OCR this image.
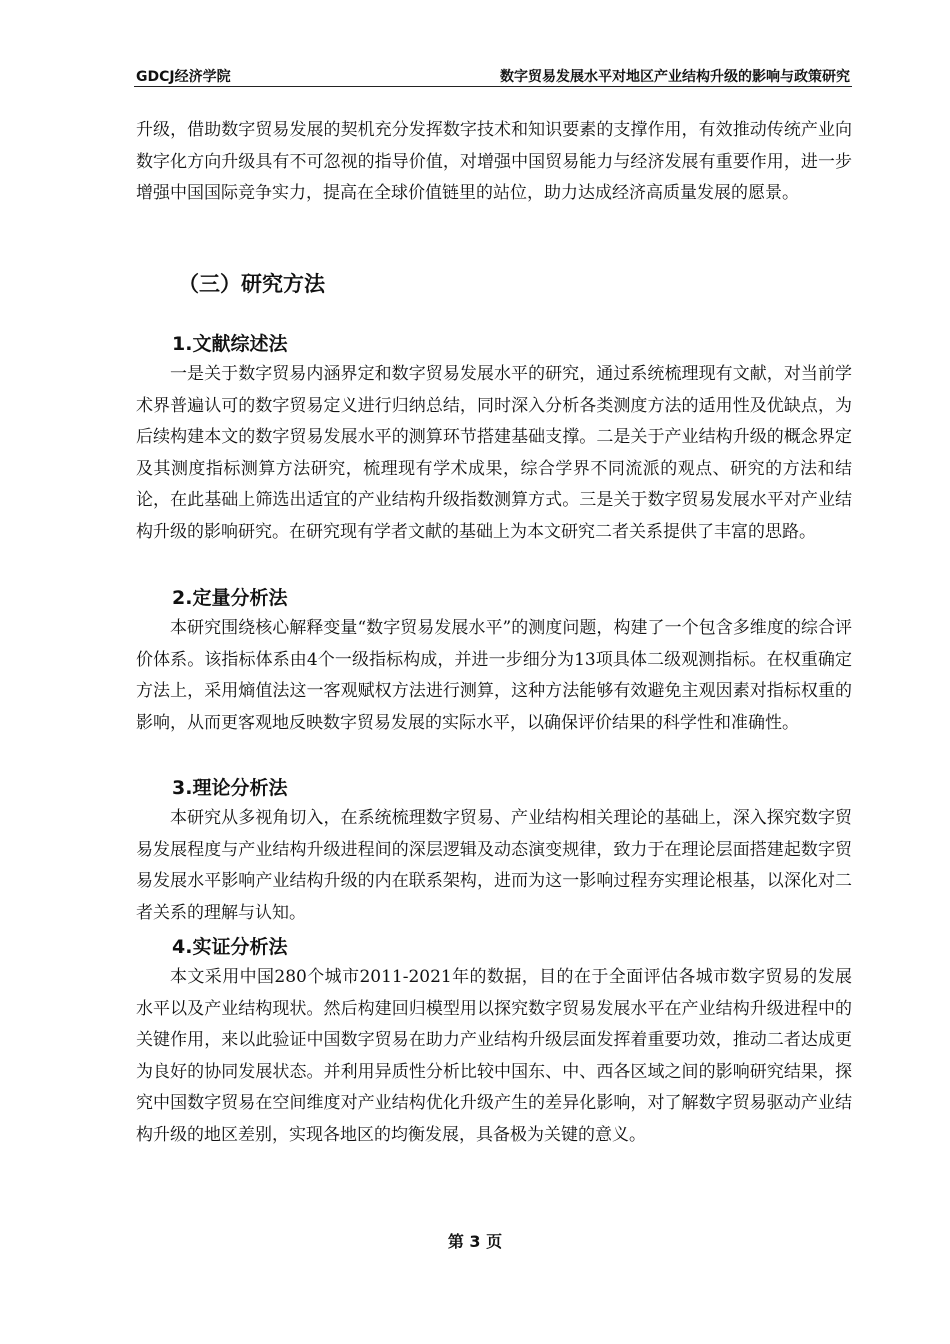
GDCJ经济学院	数字贸易发展水平对地区产业结构升级的影响与政策研究

升级，借助数字贸易发展的契机充分发挥数字技术和知识要素的支撑作用，有效推动传统产业向数字化方向升级具有不可忽视的指导价值，对增强中国贸易能力与经济发展有重要作用，进一步增强中国国际竞争实力，提高在全球价值链里的站位，助力达成经济高质量发展的愿景。

（三）研究方法
1.文献综述法

一是关于数字贸易内涵界定和数字贸易发展水平的研究，通过系统梳理现有文献，对当前学术界普遍认可的数字贸易定义进行归纳总结，同时深入分析各类测度方法的适用性及优缺点，为后续构建本文的数字贸易发展水平的测算环节搭建基础支撑。二是关于产业结构升级的概念界定及其测度指标测算方法研究，梳理现有学术成果，综合学界不同流派的观点、研究的方法和结论，在此基础上筛选出适宜的产业结构升级指数测算方式。三是关于数字贸易发展水平对产业结构升级的影响研究。在研究现有学者文献的基础上为本文研究二者关系提供了丰富的思路。

2.定量分析法

本研究围绕核心解释变量“数字贸易发展水平”的测度问题，构建了一个包含多维度的综合评价体系。该指标体系由4个一级指标构成，并进一步细分为13项具体二级观测指标。在权重确定方法上，采用熵值法这一客观赋权方法进行测算，这种方法能够有效避免主观因素对指标权重的影响，从而更客观地反映数字贸易发展的实际水平，以确保评价结果的科学性和准确性。

3.理论分析法

本研究从多视角切入，在系统梳理数字贸易、产业结构相关理论的基础上，深入探究数字贸易发展程度与产业结构升级进程间的深层逻辑及动态演变规律，致力于在理论层面搭建起数字贸易发展水平影响产业结构升级的内在联系架构，进而为这一影响过程夯实理论根基，以深化对二者关系的理解与认知。

4.实证分析法

本文采用中国280个城市2011-2021年的数据，目的在于全面评估各城市数字贸易的发展水平以及产业结构现状。然后构建回归模型用以探究数字贸易发展水平在产业结构升级进程中的关键作用，来以此验证中国数字贸易在助力产业结构升级层面发挥着重要功效，推动二者达成更为良好的协同发展状态。并利用异质性分析比较中国东、中、西各区域之间的影响研究结果，探究中国数字贸易在空间维度对产业结构优化升级产生的差异化影响，对了解数字贸易驱动产业结构升级的地区差别，实现各地区的均衡发展，具备极为关键的意义。

第 3 页
